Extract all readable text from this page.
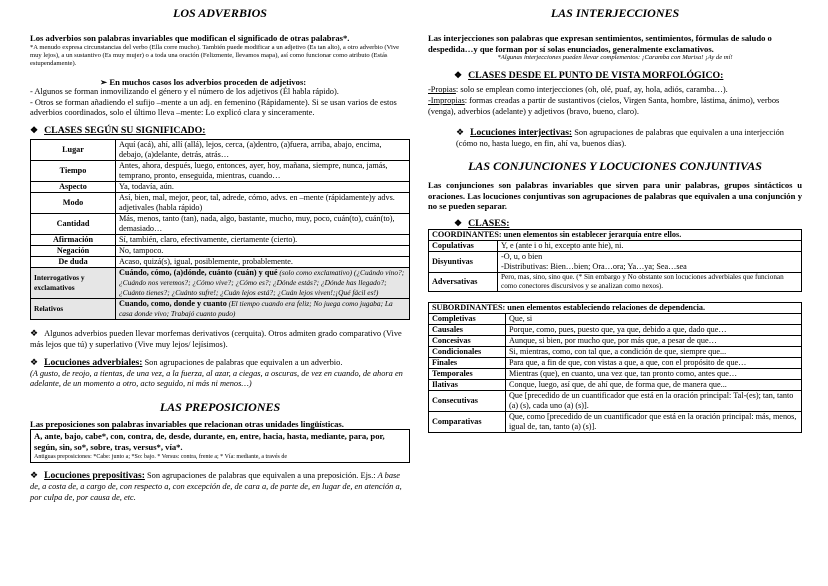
LOS ADVERBIOS

Los adverbios son palabras invariables que modifican el significado de otras palabras*.

*A menudo expresa circunstancias del verbo (Ella corre mucho). También puede modificar a un adjetivo (Es tan alto), a otro adverbio (Vive muy lejos), a un sustantivo (Es muy mujer) o a toda una oración (Felizmente, llevamos mapa), así como funcionar como atributo (Estás estupendamente).

➢ En muchos casos los adverbios proceden de adjetivos:

- Algunos se forman inmovilizando el género y el número de los adjetivos (Él habla rápido).

- Otros se forman añadiendo el sufijo –mente a un adj. en femenino (Rápidamente). Si se usan varios de estos adverbios coordinados, solo el último lleva –mente: Lo explicó clara y sinceramente.

❖ CLASES SEGÚN SU SIGNIFICADO:

Lugar	Aquí (acá), ahí, allí (allá), lejos, cerca, (a)dentro, (a)fuera, arriba, abajo, encima, debajo, (a)delante, detrás, atrás…
Tiempo	Antes, ahora, después, luego, entonces, ayer, hoy, mañana, siempre, nunca, jamás, temprano, pronto, enseguida, mientras, cuando…
Aspecto	Ya, todavía, aún.
Modo	Así, bien, mal, mejor, peor, tal, adrede, cómo, advs. en –mente (rápidamente)y advs. adjetivales (habla rápido)
Cantidad	Más, menos, tanto (tan), nada, algo, bastante, mucho, muy, poco, cuán(to), cuán(to), demasiado…
Afirmación	Sí, también, claro, efectivamente, ciertamente (cierto).
Negación	No, tampoco.
De duda	Acaso, quizá(s), igual, posiblemente, probablemente.
Interrogativos y exclamativos	Cuándo, cómo, (a)dónde, cuánto (cuán) y qué (solo como exclamativo) (¿Cuándo vino?;¿Cuándo nos veremos?; ¿Cómo vive?; ¿Cómo es?; ¿Dónde estás?; ¿Dónde has llegado?; ¿Cuánto tienes?; ¿Cuánto sufre!; ¿Cuán lejos está?; ¿Cuán lejos viven!;¡Qué fácil es!)
Relativos	Cuando, como, donde y cuanto (El tiempo cuando era feliz; No juega como jugaba; La casa donde vivo; Trabajó cuanto pudo)

❖ Algunos adverbios pueden llevar morfemas derivativos (cerquita). Otros admiten grado comparativo (Vive más lejos que tú) y superlativo (Vive muy lejos/ lejísimos).

❖ Locuciones adverbiales: Son agrupaciones de palabras que equivalen a un adverbio.

(A gusto, de reojo, a tientas, de una vez, a la fuerza, al azar, a ciegas, a oscuras, de vez en cuando, de ahora en adelante, de un momento a otro, acto seguido, ni más ni menos…)

LAS PREPOSICIONES

Las preposiciones son palabras invariables que relacionan otras unidades lingüísticas.

A, ante, bajo, cabe*, con, contra, de, desde, durante, en, entre, hacia, hasta, mediante, para, por, según, sin, so*, sobre, tras, versus*, vía*.
Antiguas preposiciones: *Cabe: junto a; *So: bajo. * Versus: contra, frente a; * Vía: mediante, a través de

❖ Locuciones prepositivas: Son agrupaciones de palabras que equivalen a una preposición. Ejs.: A base de, a costa de, a cargo de, con respecto a, con excepción de, de cara a, de parte de, en lugar de, en atención a, por culpa de, por causa de, etc.

LAS INTERJECCIONES

Las interjecciones son palabras que expresan sentimientos, sentimientos, fórmulas de saludo o despedida…y que forman por sí solas enunciados, generalmente exclamativos.

*Algunas interjecciones pueden llevar complementos: ¡Caramba con Marisa! ¡Ay de mí!

❖ CLASES DESDE EL PUNTO DE VISTA MORFOLÓGICO:

-Propias: solo se emplean como interjecciones (oh, olé, puaf, ay, hola, adiós, caramba…).

-Impropias: formas creadas a partir de sustantivos (cielos, Virgen Santa, hombre, lástima, ánimo), verbos (venga), adverbios (adelante) y adjetivos (bravo, bueno, claro).

❖ Locuciones interjectivas: Son agrupaciones de palabras que equivalen a una interjección (cómo no, hasta luego, en fin, ahí va, buenos días).

LAS CONJUNCIONES Y LOCUCIONES CONJUNTIVAS

Las conjunciones son palabras invariables que sirven para unir palabras, grupos sintácticos u oraciones. Las locuciones conjuntivas son agrupaciones de palabras que equivalen a una conjunción y no se pueden separar.

❖ CLASES:

COORDINANTES: unen elementos sin establecer jerarquía entre ellos.	
Copulativas	Y, e (ante i o hi, excepto ante hie), ni.

Disyuntivas	-O, u, o bien
-Distributivas: Bien…bien; Ora…ora; Ya…ya; Sea…sea

Adversativas	Pero, mas, sino, sino que. (* Sin embargo y No obstante son locuciones adverbiales que funcionan como conectores discursivos y se analizan como nexos).
SUBORDINANTES: unen elementos estableciendo relaciones de dependencia.	
Completivas	Que, si
Causales	Porque, como, pues, puesto que, ya que, debido a que, dado que…
Concesivas	Aunque, si bien, por mucho que, por más que, a pesar de que…
Condicionales	Si, mientras, como, con tal que, a condición de que, siempre que...
Finales	Para que, a fin de que, con vistas a que, a que, con el propósito de que…
Temporales	Mientras (que), en cuanto, una vez que, tan pronto como, antes que…
Ilativas	Conque, luego, así que, de ahí que, de forma que, de manera que...
Consecutivas	Que [precedido de un cuantificador que está en la oración principal: Tal-(es); tan, tanto (a) (s), cada uno (a) (s)].
Comparativas	Que, como [precedido de un cuantificador que está en la oración principal: más, menos, igual de, tan, tanto (a) (s)].
